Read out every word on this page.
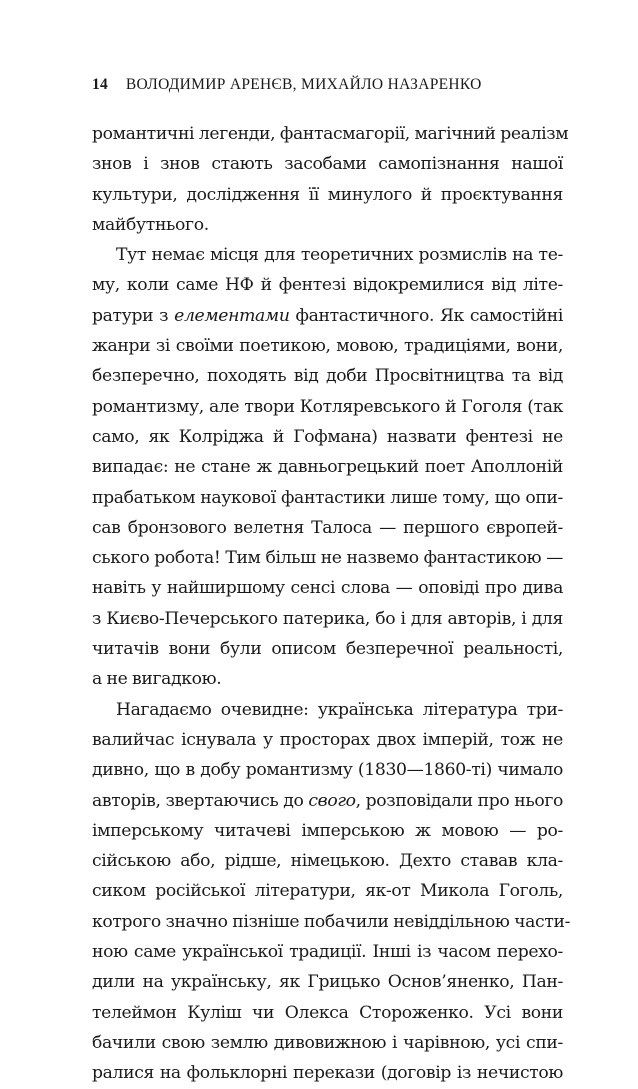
14 ВОЛОДИМИР АРЕНЄВ, МИХАЙЛО НАЗАРЕНКО
романтичні легенди, фантасмагорії, магічний реалізм
знов і знов стають засобами самопізнання нашої
культури, дослідження її минулого й проєктування
майбутнього.
Тут немає місця для теоретичних розмислів на те-
му, коли саме НФ й фентезі відокремилися від літе-
ратури з елементами фантастичного. Як самостійні
жанри зі своїми поетикою, мовою, традиціями, вони,
безперечно, походять від доби Просвітництва та від
романтизму, але твори Котляревського й Гоголя (так
само, як Колріджа й Гофмана) назвати фентезі не
випадає: не стане ж давньогрецький поет Аполлоній
прабатьком наукової фантастики лише тому, що опи-
сав бронзового велетня Талоса — першого європей-
ського робота! Тим більш не назвемо фантастикою —
навіть у найширшому сенсі слова — оповіді про дива
з Києво-Печерського патерика, бо і для авторів, і для
читачів вони були описом безперечної реальності,
а не вигадкою.
Нагадаємо очевидне: українська література три-
валийчас існувала у просторах двох імперій, тож не
дивно, що в добу романтизму (1830—1860-ті) чимало
авторів, звертаючись до свого, розповідали про нього
імперському читачеві імперською ж мовою — ро-
сійською або, рідше, німецькою. Дехто ставав кла-
сиком російської літератури, як-от Микола Гоголь,
котрого значно пізніше побачили невіддільною части-
ною саме української традиції. Інші із часом перехо-
дили на українську, як Грицько Основ’яненко, Пан-
телеймон Куліш чи Олекса Стороженко. Усі вони
бачили свою землю дивовижною і чарівною, усі спи-
ралися на фольклорні перекази (договір із нечистою
